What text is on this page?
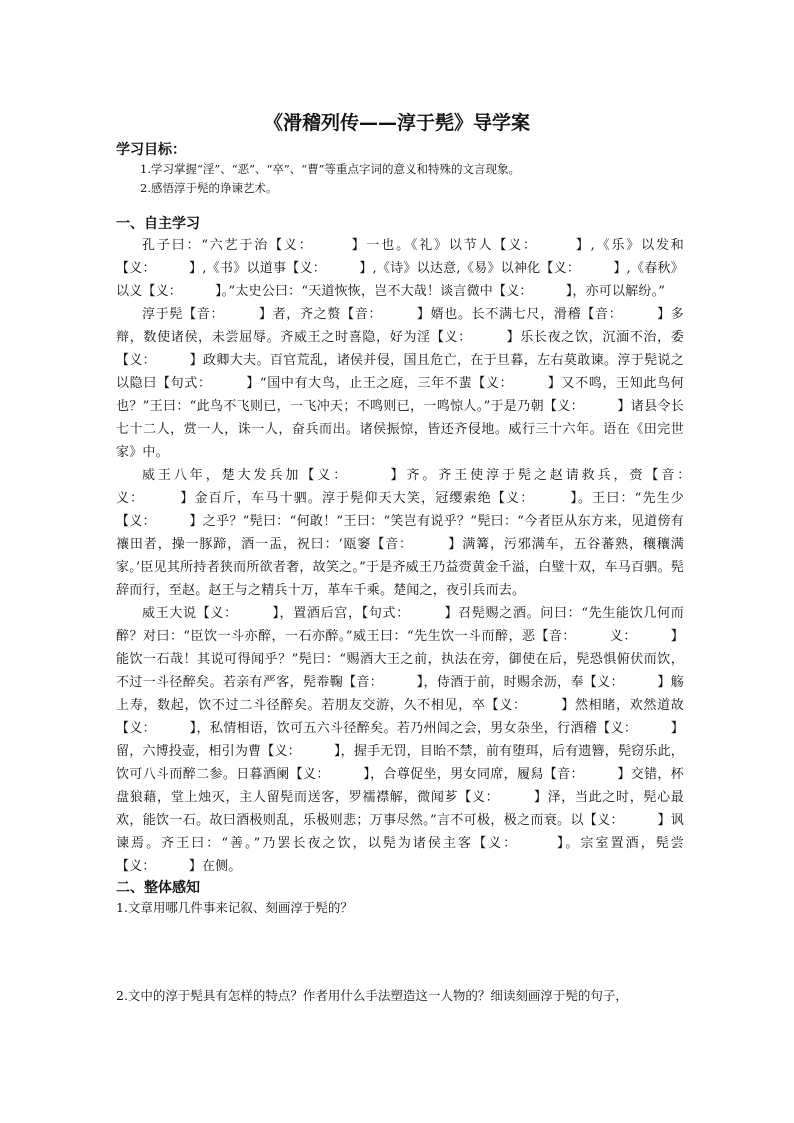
《滑稽列传——淳于髡》导学案

学习目标：

1.学习掌握“淫”、“恶”、“卒”、“曹”等重点字词的意义和特殊的文言现象。

2.感悟淳于髡的诤谏艺术。

一、自主学习

孔子曰：“六艺于治【义：　　　】一也。《礼》以节人【义：　　　】,《乐》以发和【义：　　　】,《书》以道事【义：　　　】,《诗》以达意,《易》以神化【义：　　　】,《春秋》以义【义：　　　】。”太史公曰：“天道恢恢，岂不大哉！谈言微中【义：　　　】，亦可以解纷。”

淳于髡【音：　　　】者，齐之赘【音：　　　】婿也。长不满七尺，滑稽【音：　　　】多辩，数使诸侯，未尝屈辱。齐威王之时喜隐，好为淫【义：　　　】乐长夜之饮，沉湎不治，委【义：　　　】政卿大夫。百官荒乱，诸侯并侵，国且危亡，在于旦暮，左右莫敢谏。淳于髡说之以隐曰【句式：　　　】“国中有大鸟，止王之庭，三年不蜚【义：　　　】又不鸣，王知此鸟何也？”王曰：“此鸟不飞则已，一飞冲天；不鸣则已，一鸣惊人。”于是乃朝【义：　　　】诸县令长七十二人，赏一人，诛一人，奋兵而出。诸侯振惊，皆还齐侵地。威行三十六年。语在《田完世家》中。

威王八年，楚大发兵加【义：　　　】齐。齐王使淳于髡之赵请救兵，赍【音：　　　义：　　　】金百斤，车马十驷。淳于髡仰天大笑，冠缨索绝【义：　　　】。王曰：“先生少【义：　　　】之乎？”髡曰：“何敢！”王曰：“笑岂有说乎？”髡曰：“今者臣从东方来，见道傍有禳田者，操一豚蹄，酒一盂，祝曰：‘瓯窭【音：　　　】满篝，污邪满车，五谷蕃熟，穰穰满家。’臣见其所持者狭而所欲者奢，故笑之。”于是齐威王乃益赍黄金千溢，白璧十双，车马百驷。髡辞而行，至赵。赵王与之精兵十万，革车千乘。楚闻之，夜引兵而去。

威王大说【义：　　　】，置酒后宫，【句式：　　　】召髡赐之酒。问曰：“先生能饮几何而醉？对曰：“臣饮一斗亦醉，一石亦醉。”威王曰：“先生饮一斗而醉，恶【音：　　　义：　　　】能饮一石哉！其说可得闻乎？”髡曰：“赐酒大王之前，执法在旁，御使在后，髡恐惧俯伏而饮，不过一斗径醉矣。若亲有严客，髡帣鞠【音：　　　】，侍酒于前，时赐余沥，奉【义：　　　】觞上寿，数起，饮不过二斗径醉矣。若朋友交游，久不相见，卒【义：　　　】然相睹，欢然道故【义：　　　】，私情相语，饮可五六斗径醉矣。若乃州闾之会，男女杂坐，行酒稽【义：　　　】留，六博投壶，相引为曹【义：　　　】，握手无罚，目眙不禁，前有堕珥，后有遗簪，髡窃乐此，饮可八斗而醉二参。日暮酒阑【义：　　　】，合尊促坐，男女同席，履舄【音：　　　】交错，杯盘狼藉，堂上烛灭，主人留髡而送客，罗襦襟解，微闻芗【义：　　　】泽，当此之时，髡心最欢，能饮一石。故曰酒极则乱，乐极则悲；万事尽然。”言不可极，极之而衰。以【义：　　　】讽谏焉。齐王曰：“善。”乃罢长夜之饮，以髡为诸侯主客【义：　　　】。宗室置酒，髡尝【义：　　　】在侧。

二、整体感知

1.文章用哪几件事来记叙、刻画淳于髡的？

2.文中的淳于髡具有怎样的特点？作者用什么手法塑造这一人物的？细读刻画淳于髡的句子，
